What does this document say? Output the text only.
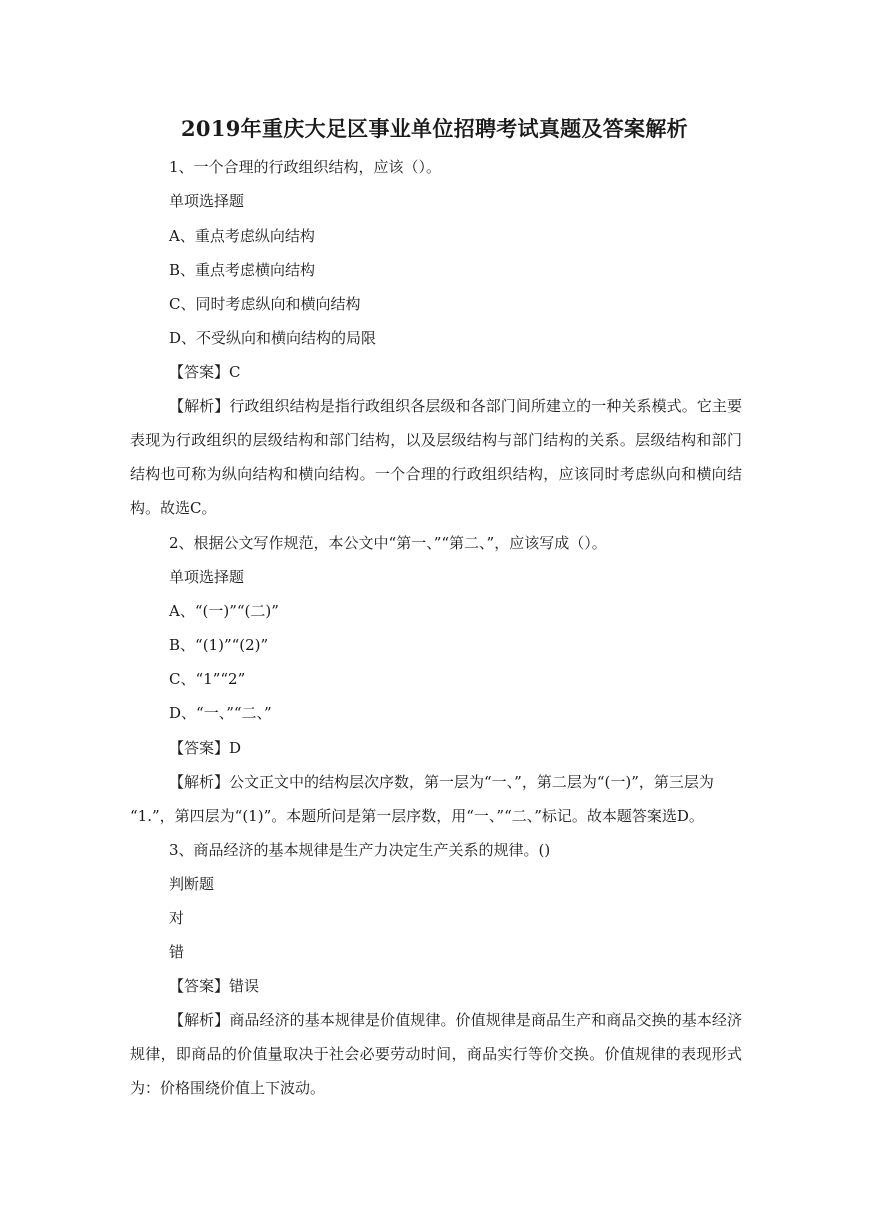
2019年重庆大足区事业单位招聘考试真题及答案解析
1、一个合理的行政组织结构，应该（）。
单项选择题
A、重点考虑纵向结构
B、重点考虑横向结构
C、同时考虑纵向和横向结构
D、不受纵向和横向结构的局限
【答案】C

【解析】行政组织结构是指行政组织各层级和各部门间所建立的一种关系模式。它主要表现为行政组织的层级结构和部门结构，以及层级结构与部门结构的关系。层级结构和部门结构也可称为纵向结构和横向结构。一个合理的行政组织结构，应该同时考虑纵向和横向结构。故选C。

2、根据公文写作规范，本公文中“第一、”“第二、”，应该写成（）。
单项选择题
A、“(一)”“(二)”
B、“(1)”“(2)”
C、“1”“2”
D、“一、”“二、”
【答案】D
【解析】公文正文中的结构层次序数，第一层为“一、”，第二层为“(一)”，第三层为
“1.”，第四层为“(1)”。本题所问是第一层序数，用“一、”“二、”标记。故本题答案选D。
3、商品经济的基本规律是生产力决定生产关系的规律。()
判断题
对
错
【答案】错误

【解析】商品经济的基本规律是价值规律。价值规律是商品生产和商品交换的基本经济规律，即商品的价值量取决于社会必要劳动时间，商品实行等价交换。价值规律的表现形式为：价格围绕价值上下波动。
